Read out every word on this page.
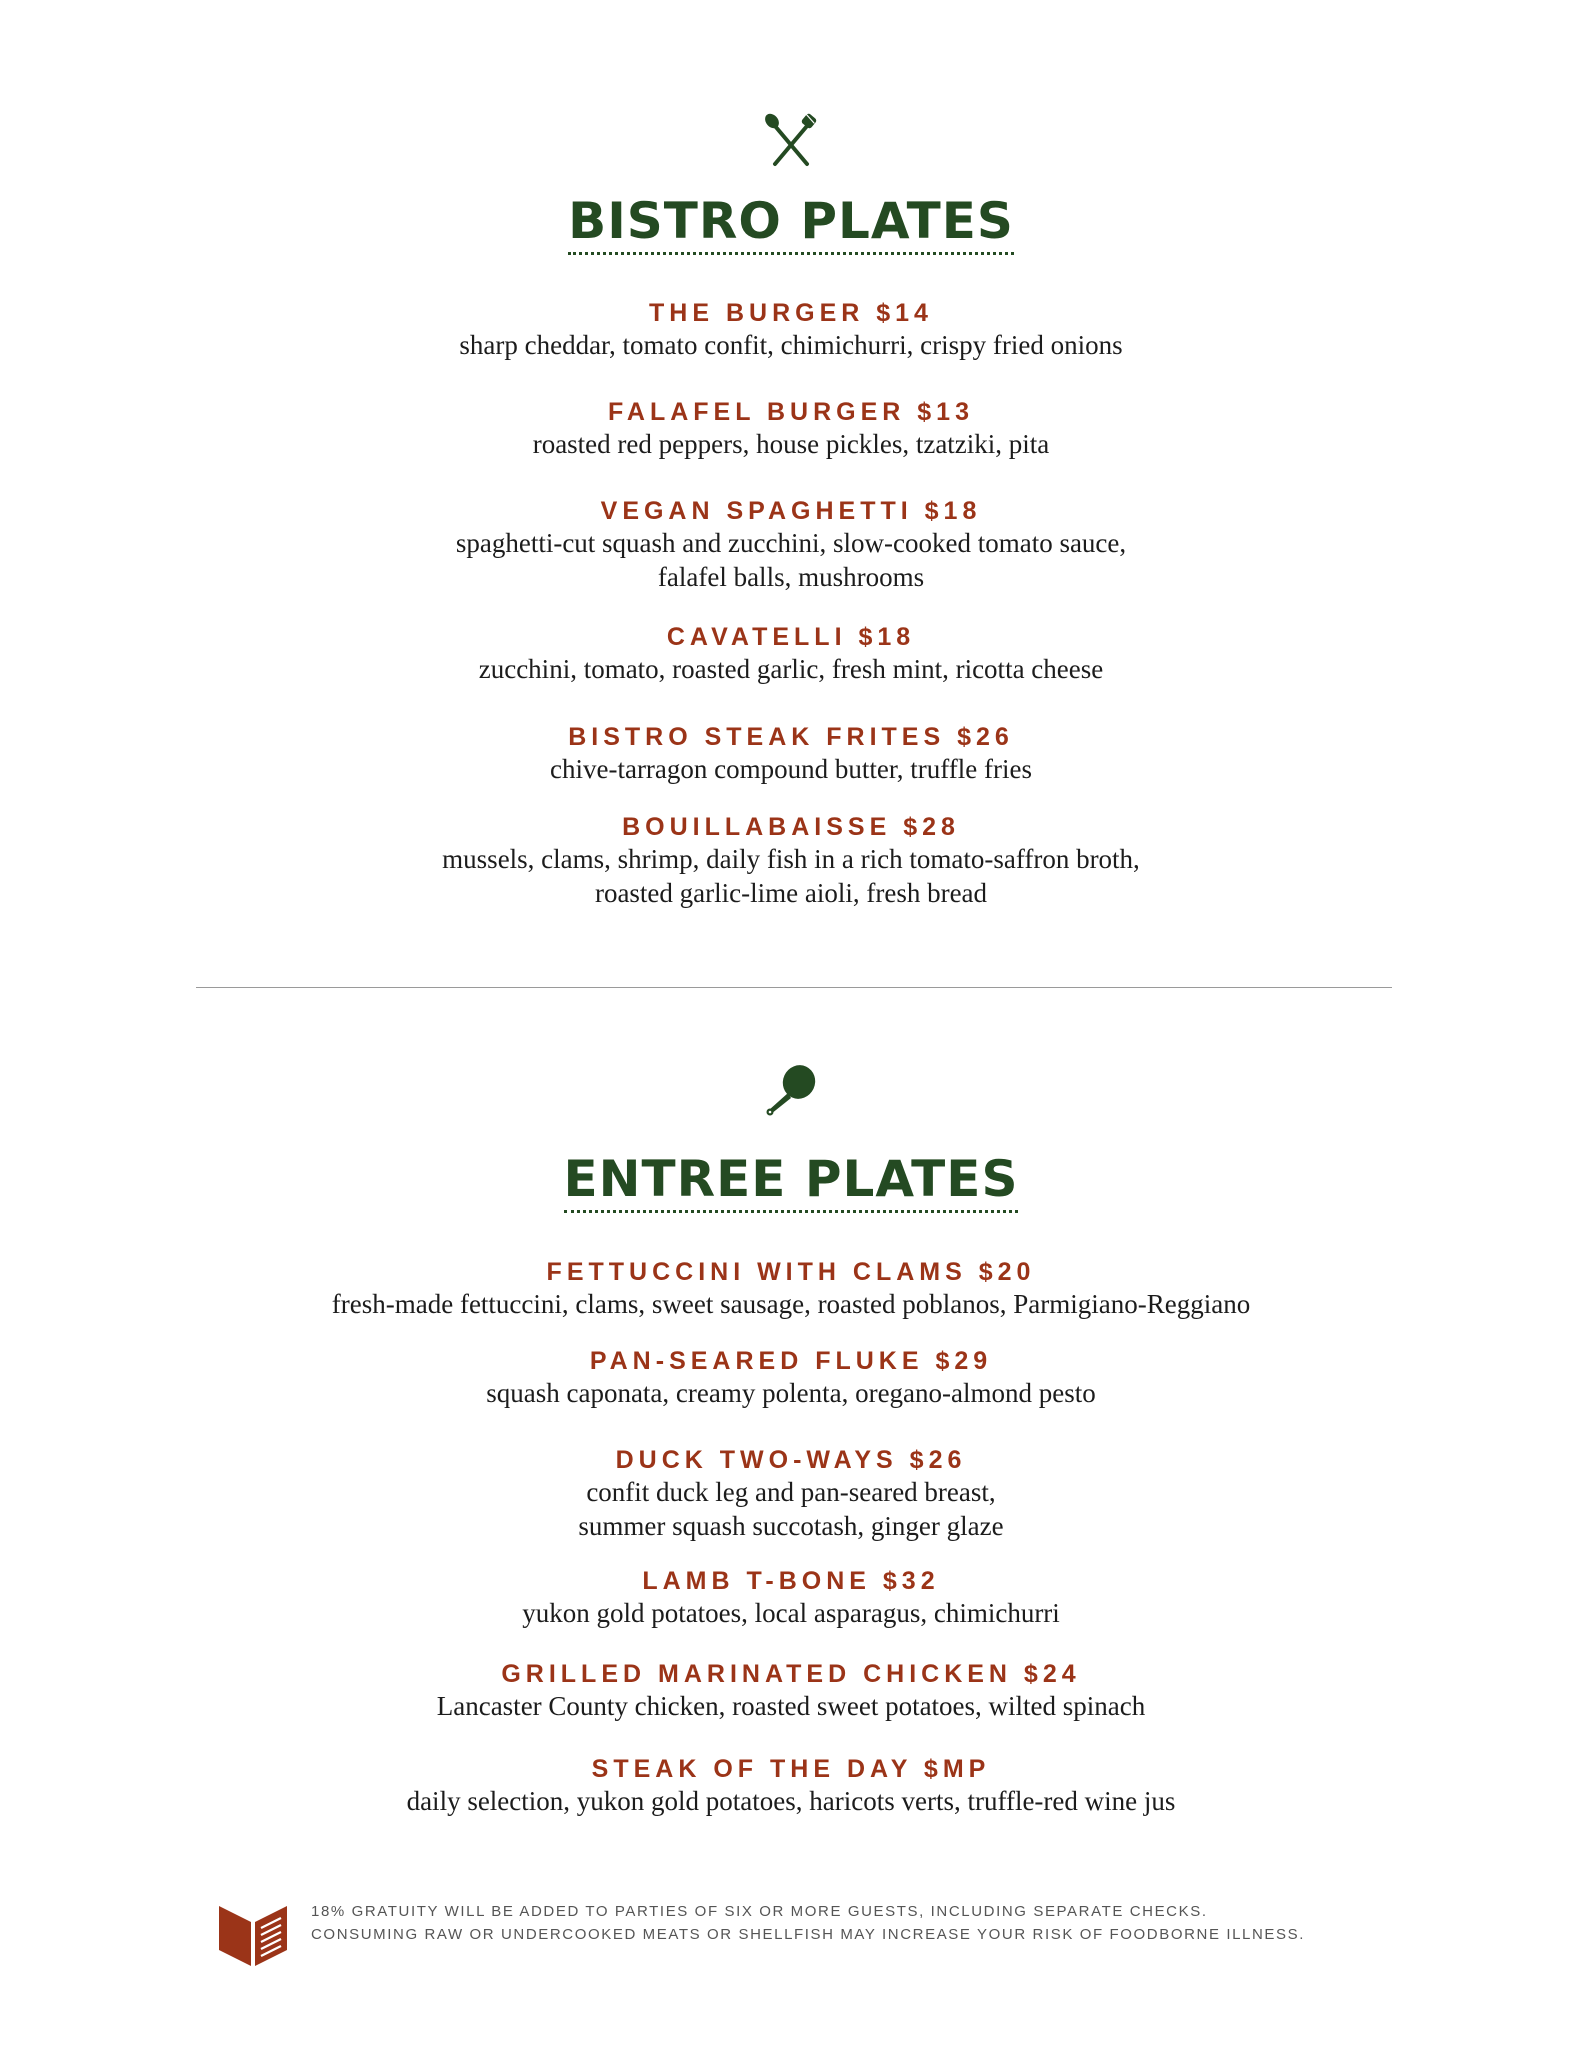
BISTRO PLATES
THE BURGER $14
sharp cheddar, tomato confit, chimichurri, crispy fried onions
FALAFEL BURGER $13
roasted red peppers, house pickles, tzatziki, pita
VEGAN SPAGHETTI $18
spaghetti-cut squash and zucchini, slow-cooked tomato sauce,
falafel balls, mushrooms
CAVATELLI $18
zucchini, tomato, roasted garlic, fresh mint, ricotta cheese
BISTRO STEAK FRITES $26
chive-tarragon compound butter, truffle fries
BOUILLABAISSE $28
mussels, clams, shrimp, daily fish in a rich tomato-saffron broth,
roasted garlic-lime aioli, fresh bread
ENTREE PLATES
FETTUCCINI WITH CLAMS $20
fresh-made fettuccini, clams, sweet sausage, roasted poblanos, Parmigiano-Reggiano
PAN-SEARED FLUKE $29
squash caponata, creamy polenta, oregano-almond pesto
DUCK TWO-WAYS $26
confit duck leg and pan-seared breast,
summer squash succotash, ginger glaze
LAMB T-BONE $32
yukon gold potatoes, local asparagus, chimichurri
GRILLED MARINATED CHICKEN $24
Lancaster County chicken, roasted sweet potatoes, wilted spinach
STEAK OF THE DAY $MP
daily selection, yukon gold potatoes, haricots verts, truffle-red wine jus
18% GRATUITY WILL BE ADDED TO PARTIES OF SIX OR MORE GUESTS, INCLUDING SEPARATE CHECKS.
CONSUMING RAW OR UNDERCOOKED MEATS OR SHELLFISH MAY INCREASE YOUR RISK OF FOODBORNE ILLNESS.
